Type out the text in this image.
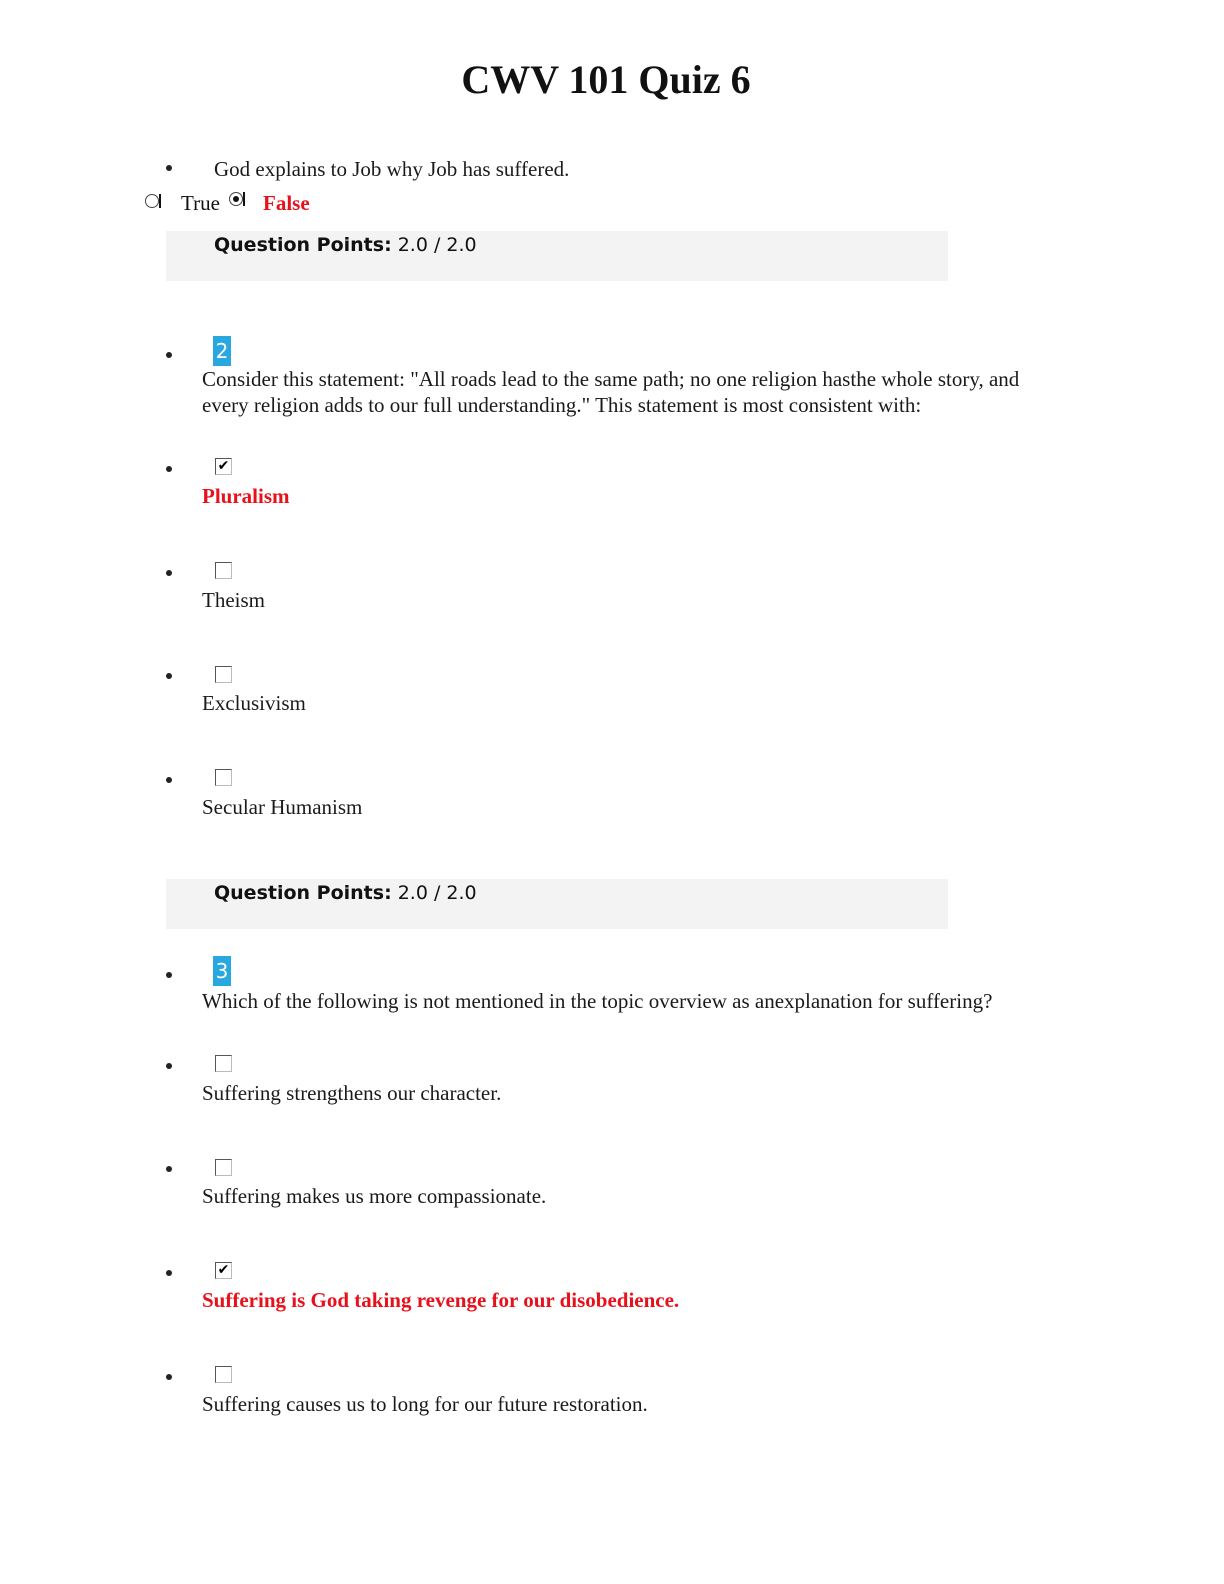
CWV 101 Quiz 6
God explains to Job why Job has suffered.
True False
Question Points: 2.0 / 2.0
2
Consider this statement: "All roads lead to the same path; no one religion hasthe whole story, and every religion adds to our full understanding." This statement is most consistent with:
✔
Pluralism
Theism
Exclusivism
Secular Humanism
Question Points: 2.0 / 2.0
3
Which of the following is not mentioned in the topic overview as anexplanation for suffering?
Suffering strengthens our character.
Suffering makes us more compassionate.
✔
Suffering is God taking revenge for our disobedience.
Suffering causes us to long for our future restoration.
